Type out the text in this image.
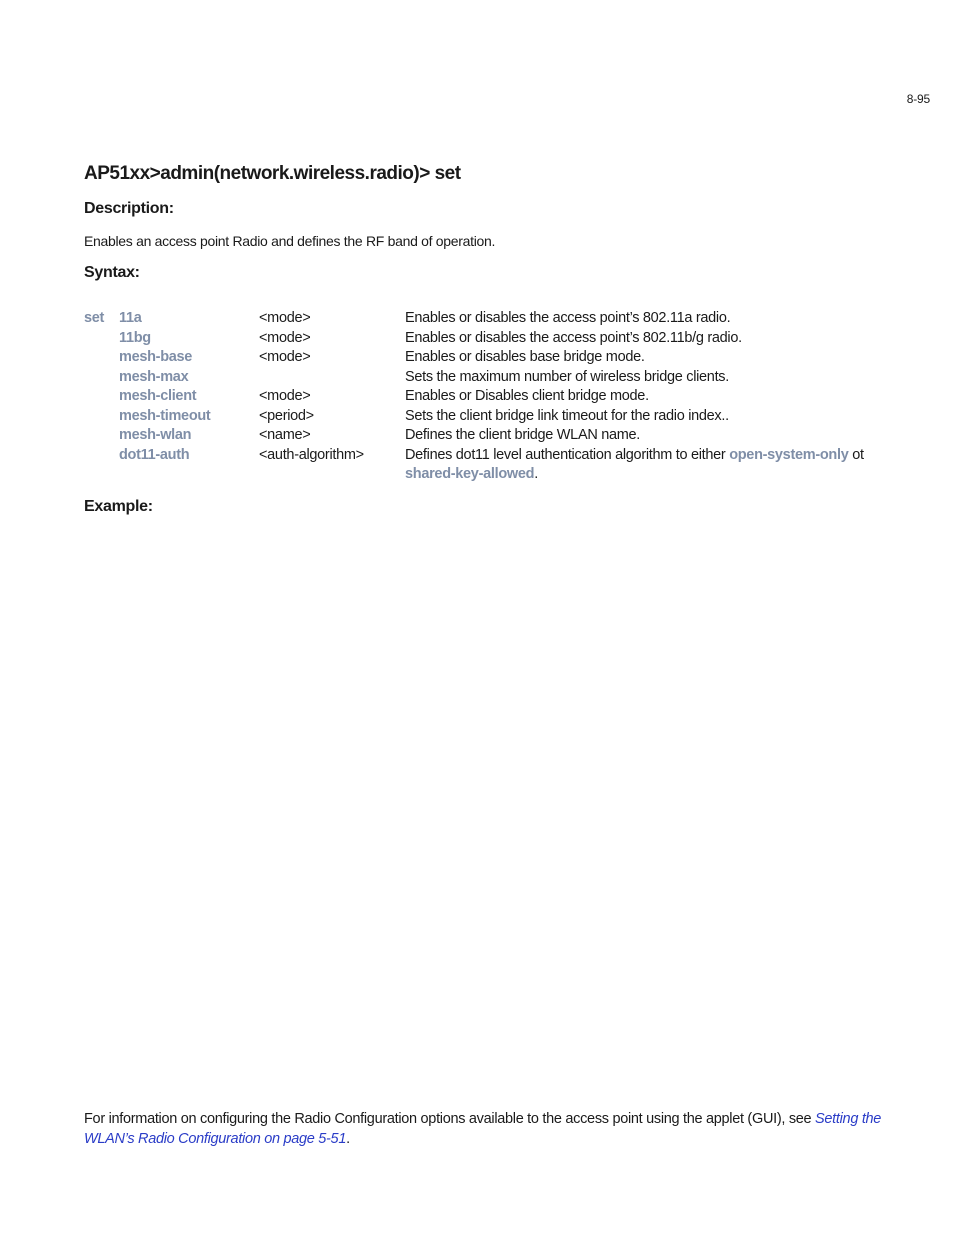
8-95
AP51xx>admin(network.wireless.radio)> set
Description:
Enables an access point Radio and defines the RF band of operation.
Syntax:
set	11a	<mode>	Enables or disables the access point’s 802.11a radio.
	11bg	<mode>	Enables or disables the access point’s 802.11b/g radio.
	mesh-base	<mode>	Enables or disables base bridge mode.
	mesh-max		Sets the maximum number of wireless bridge clients.
	mesh-client	<mode>	Enables or Disables client bridge mode.
	mesh-timeout	<period>	Sets the client bridge link timeout for the radio index..
	mesh-wlan	<name>	Defines the client bridge WLAN name.
	dot11-auth	<auth-algorithm>	Defines dot11 level authentication algorithm to either open-system-only ot shared-key-allowed.
Example:

For information on configuring the Radio Configuration options available to the access point using the applet (GUI), see Setting the WLAN’s Radio Configuration on page 5-51.
